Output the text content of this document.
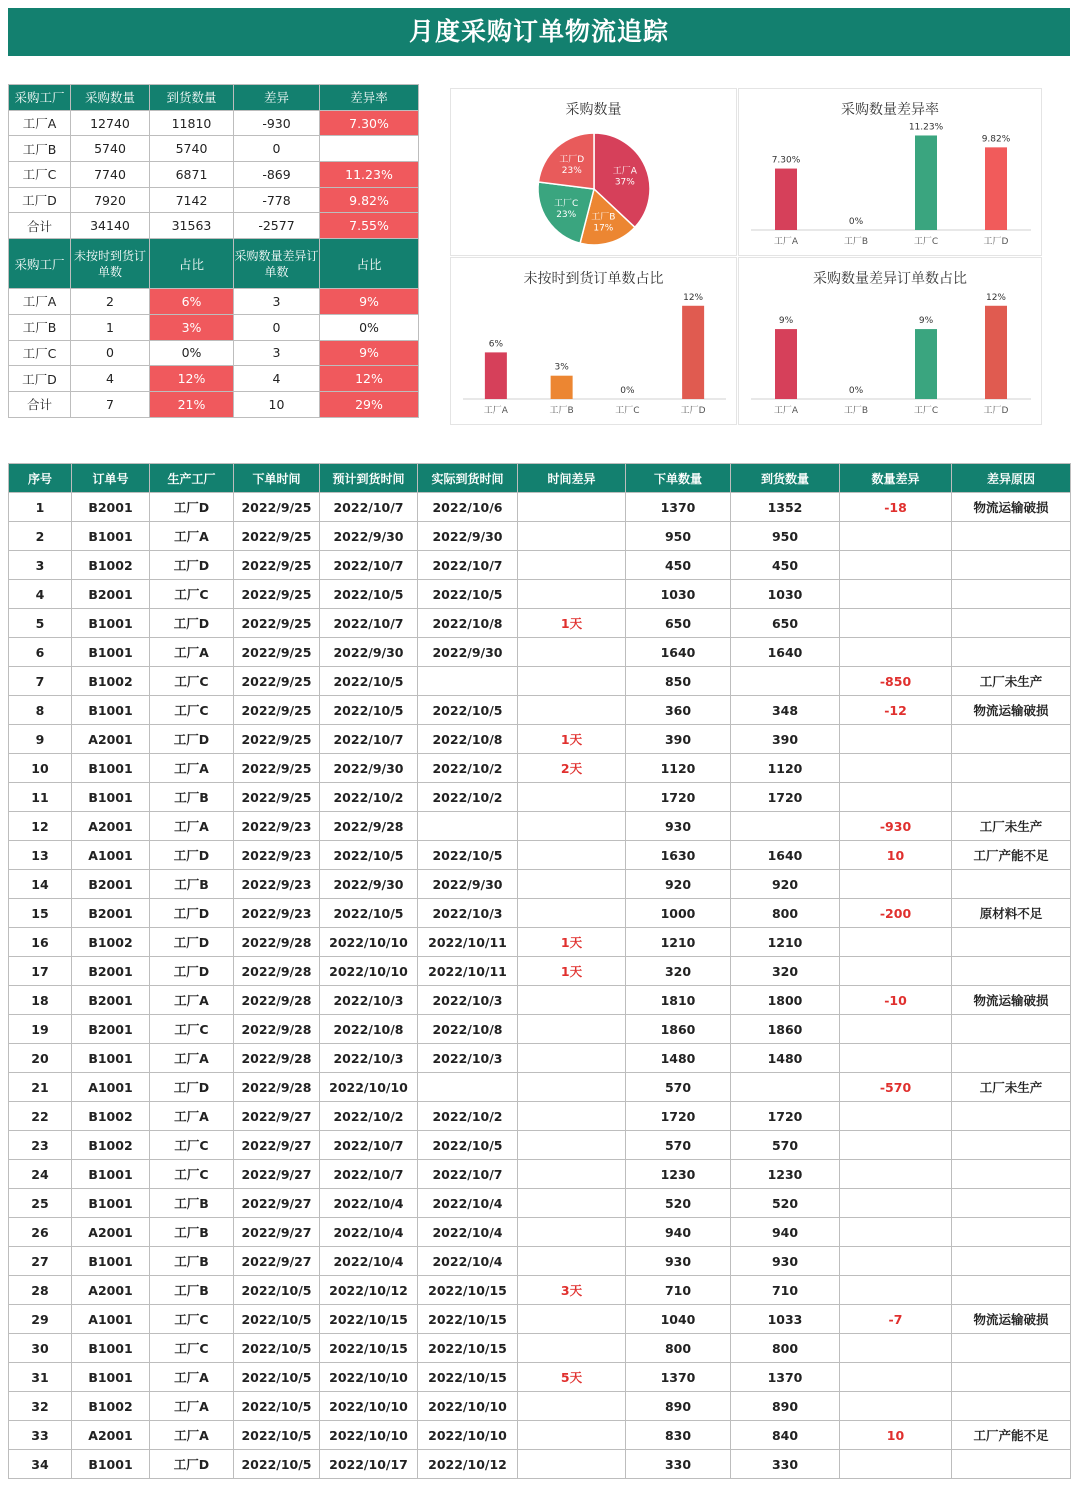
月度采购订单物流追踪
采购工厂	采购数量	到货数量	差异	差异率
工厂A	12740	11810	-930	7.30%
工厂B	5740	5740	0	
工厂C	7740	6871	-869	11.23%
工厂D	7920	7142	-778	9.82%
合计	34140	31563	-2577	7.55%
采购工厂	未按时到货订单数	占比	采购数量差异订单数	占比
工厂A	2	6%	3	9%
工厂B	1	3%	0	0%
工厂C	0	0%	3	9%
工厂D	4	12%	4	12%
合计	7	21%	10	29%
采购数量
工厂A
37%
工厂B
17%
工厂C
23%
工厂D
23%
采购数量差异率
7.30%
工厂A
0%
工厂B
11.23%
工厂C
9.82%
工厂D
未按时到货订单数占比
6%
工厂A
3%
工厂B
0%
工厂C
12%
工厂D
采购数量差异订单数占比
9%
工厂A
0%
工厂B
9%
工厂C
12%
工厂D
序号	订单号	生产工厂	下单时间	预计到货时间	实际到货时间	时间差异	下单数量	到货数量	数量差异	差异原因
1	B2001	工厂D	2022/9/25	2022/10/7	2022/10/6		1370	1352	-18	物流运输破损
2	B1001	工厂A	2022/9/25	2022/9/30	2022/9/30		950	950		
3	B1002	工厂D	2022/9/25	2022/10/7	2022/10/7		450	450		
4	B2001	工厂C	2022/9/25	2022/10/5	2022/10/5		1030	1030		
5	B1001	工厂D	2022/9/25	2022/10/7	2022/10/8	1天	650	650		
6	B1001	工厂A	2022/9/25	2022/9/30	2022/9/30		1640	1640		
7	B1002	工厂C	2022/9/25	2022/10/5			850		-850	工厂未生产
8	B1001	工厂C	2022/9/25	2022/10/5	2022/10/5		360	348	-12	物流运输破损
9	A2001	工厂D	2022/9/25	2022/10/7	2022/10/8	1天	390	390		
10	B1001	工厂A	2022/9/25	2022/9/30	2022/10/2	2天	1120	1120		
11	B1001	工厂B	2022/9/25	2022/10/2	2022/10/2		1720	1720		
12	A2001	工厂A	2022/9/23	2022/9/28			930		-930	工厂未生产
13	A1001	工厂D	2022/9/23	2022/10/5	2022/10/5		1630	1640	10	工厂产能不足
14	B2001	工厂B	2022/9/23	2022/9/30	2022/9/30		920	920		
15	B2001	工厂D	2022/9/23	2022/10/5	2022/10/3		1000	800	-200	原材料不足
16	B1002	工厂D	2022/9/28	2022/10/10	2022/10/11	1天	1210	1210		
17	B2001	工厂D	2022/9/28	2022/10/10	2022/10/11	1天	320	320		
18	B2001	工厂A	2022/9/28	2022/10/3	2022/10/3		1810	1800	-10	物流运输破损
19	B2001	工厂C	2022/9/28	2022/10/8	2022/10/8		1860	1860		
20	B1001	工厂A	2022/9/28	2022/10/3	2022/10/3		1480	1480		
21	A1001	工厂D	2022/9/28	2022/10/10			570		-570	工厂未生产
22	B1002	工厂A	2022/9/27	2022/10/2	2022/10/2		1720	1720		
23	B1002	工厂C	2022/9/27	2022/10/7	2022/10/5		570	570		
24	B1001	工厂C	2022/9/27	2022/10/7	2022/10/7		1230	1230		
25	B1001	工厂B	2022/9/27	2022/10/4	2022/10/4		520	520		
26	A2001	工厂B	2022/9/27	2022/10/4	2022/10/4		940	940		
27	B1001	工厂B	2022/9/27	2022/10/4	2022/10/4		930	930		
28	A2001	工厂B	2022/10/5	2022/10/12	2022/10/15	3天	710	710		
29	A1001	工厂C	2022/10/5	2022/10/15	2022/10/15		1040	1033	-7	物流运输破损
30	B1001	工厂C	2022/10/5	2022/10/15	2022/10/15		800	800		
31	B1001	工厂A	2022/10/5	2022/10/10	2022/10/15	5天	1370	1370		
32	B1002	工厂A	2022/10/5	2022/10/10	2022/10/10		890	890		
33	A2001	工厂A	2022/10/5	2022/10/10	2022/10/10		830	840	10	工厂产能不足
34	B1001	工厂D	2022/10/5	2022/10/17	2022/10/12		330	330		
